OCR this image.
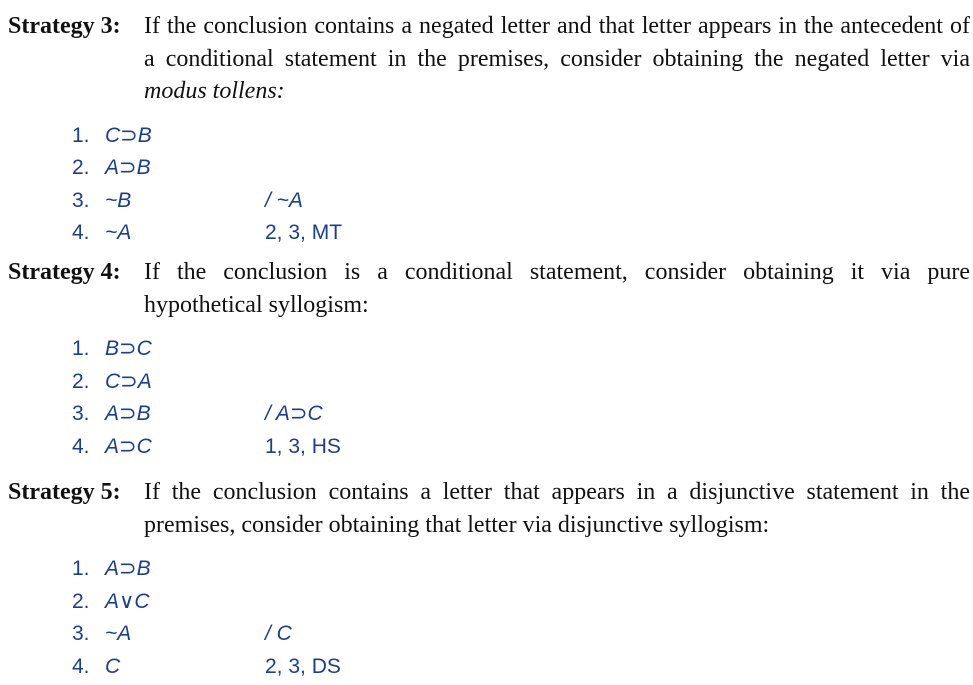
Strategy 3: If the conclusion contains a negated letter and that letter appears in the antecedent of a conditional statement in the premises, consider obtaining the negated letter via modus tollens:
1. C⊃B
2. A⊃B
3. ~B	/ ~A
4. ~A	2, 3, MT
Strategy 4: If the conclusion is a conditional statement, consider obtaining it via pure hypothetical syllogism:
1. B⊃C
2. C⊃A
3. A⊃B	/ A⊃C
4. A⊃C	1, 3, HS
Strategy 5: If the conclusion contains a letter that appears in a disjunctive statement in the premises, consider obtaining that letter via disjunctive syllogism:
1. A⊃B
2. A∨C
3. ~A	/ C
4. C	2, 3, DS
